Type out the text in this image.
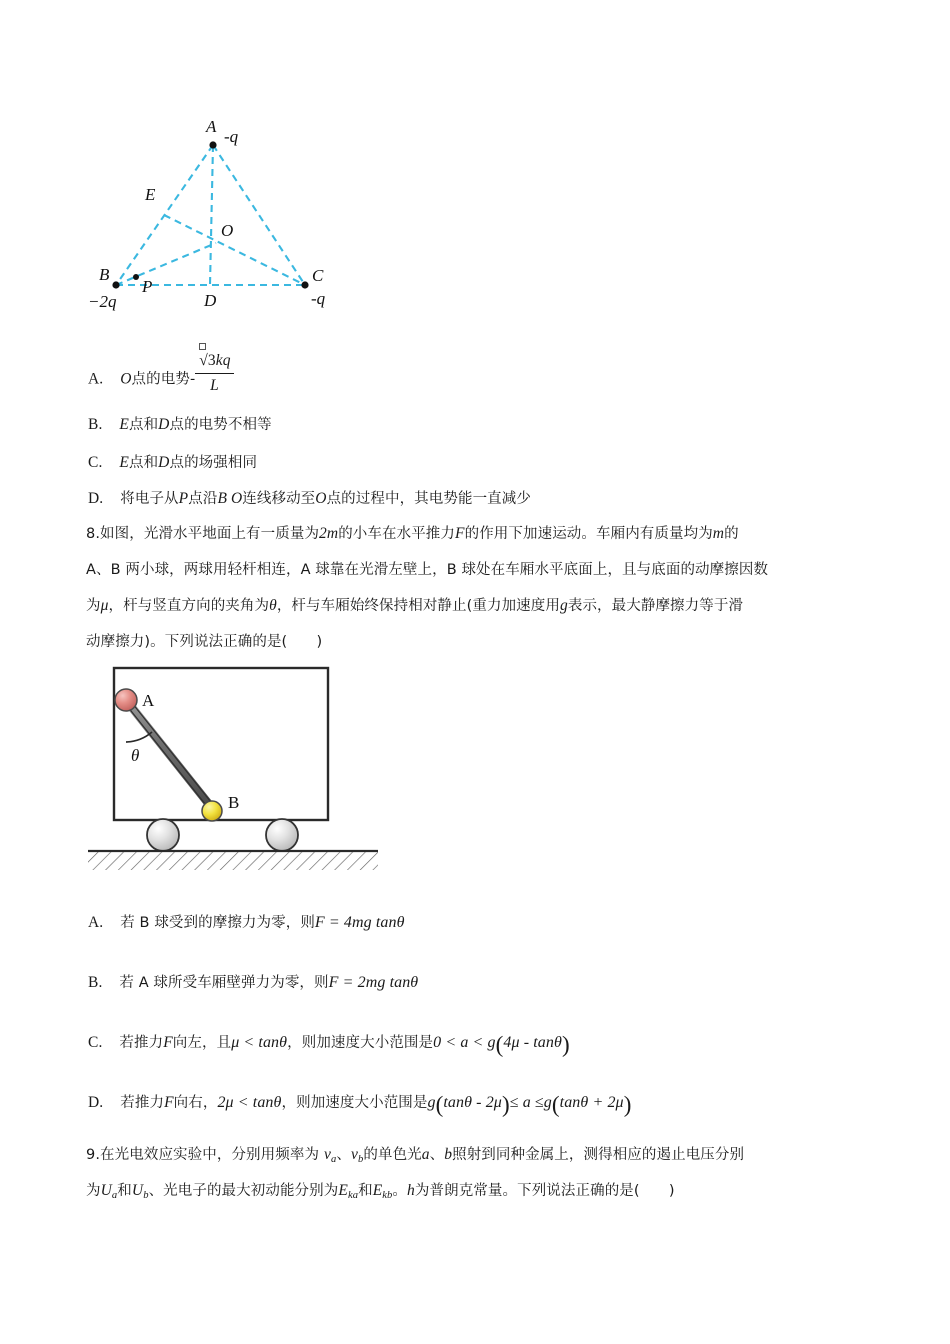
A
-q
B
−2q
C
-q
E
O
D
P
A. O点的电势- $\frac{√3kq}{L}$
B. E点和D点的电势不相等
C. E点和D点的场强相同
D. 将电子从P点沿B O连线移动至O点的过程中，其电势能一直减少
8.如图，光滑水平地面上有一质量为2m的小车在水平推力F的作用下加速运动。车厢内有质量均为m的
A、B 两小球，两球用轻杆相连，A 球靠在光滑左壁上，B 球处在车厢水平底面上，且与底面的动摩擦因数
为μ，杆与竖直方向的夹角为θ，杆与车厢始终保持相对静止(重力加速度用g表示，最大静摩擦力等于滑
动摩擦力)。下列说法正确的是(　　)
θ
A
B
A. 若 B 球受到的摩擦力为零，则F = 4mg tanθ
B. 若 A 球所受车厢壁弹力为零，则F = 2mg tanθ
C. 若推力F向左，且μ < tanθ，则加速度大小范围是0 < a < g(4μ - tanθ)
D. 若推力F向右，2μ < tanθ，则加速度大小范围是g(tanθ - 2μ)≤ a ≤g(tanθ + 2μ)
9.在光电效应实验中，分别用频率为 $\nu_a$、$\nu_b$的单色光a、b照射到同种金属上，测得相应的遏止电压分别
为$U_a$和$U_b$、光电子的最大初动能分别为$E_{ka}$和$E_{kb}$。h为普朗克常量。下列说法正确的是(　　)
